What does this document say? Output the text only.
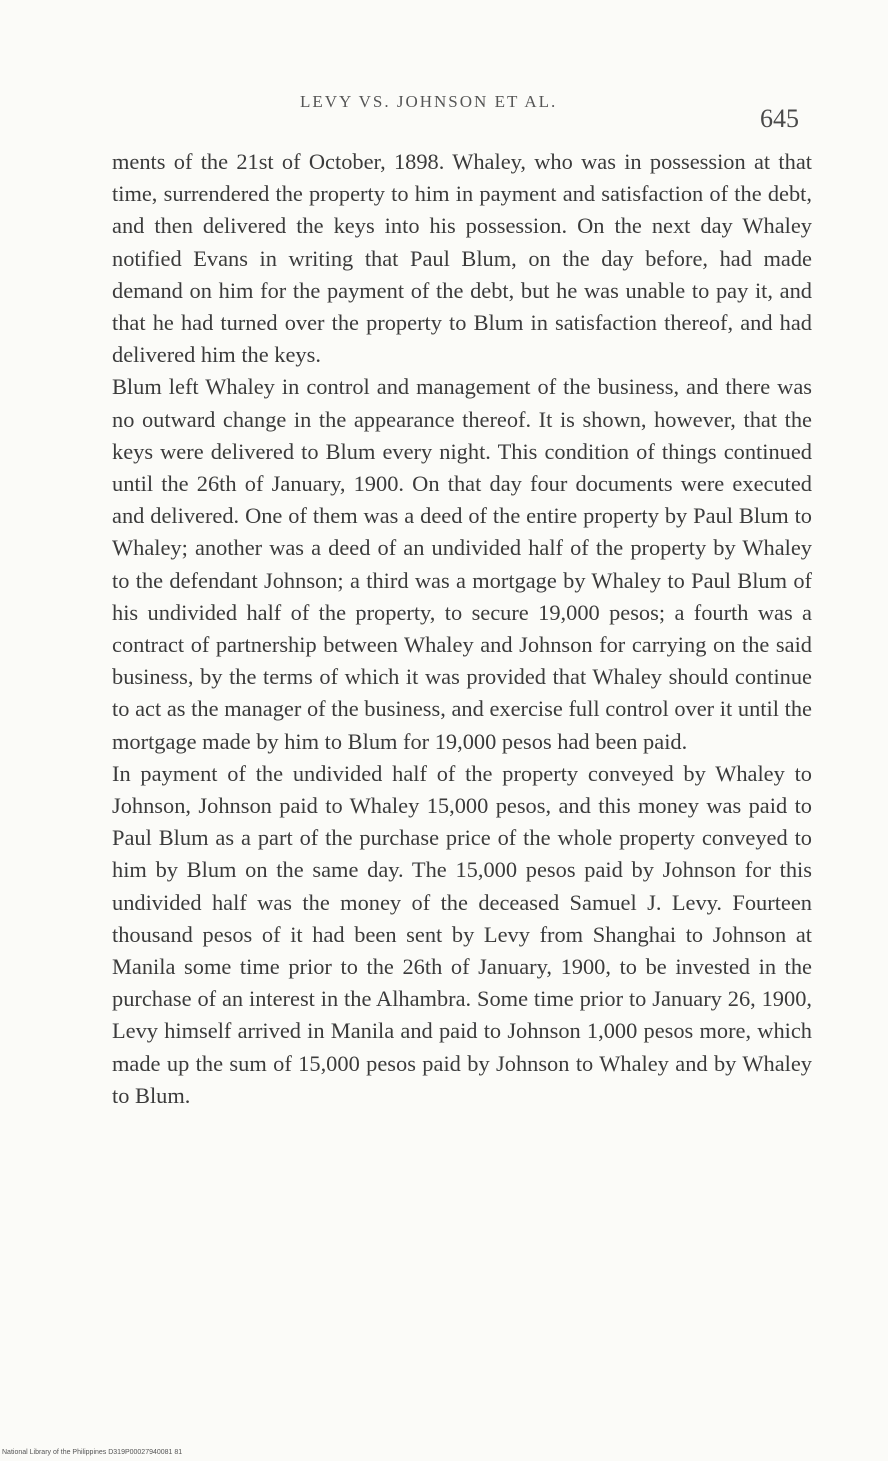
LEVY VS. JOHNSON ET AL.
645

ments of the 21st of October, 1898. Whaley, who was in possession at that time, surrendered the property to him in payment and satisfaction of the debt, and then delivered the keys into his possession. On the next day Whaley notified Evans in writing that Paul Blum, on the day before, had made demand on him for the payment of the debt, but he was unable to pay it, and that he had turned over the property to Blum in satisfaction thereof, and had delivered him the keys.

Blum left Whaley in control and management of the business, and there was no outward change in the appearance thereof. It is shown, however, that the keys were delivered to Blum every night. This condition of things continued until the 26th of January, 1900. On that day four documents were executed and delivered. One of them was a deed of the entire property by Paul Blum to Whaley; another was a deed of an undivided half of the property by Whaley to the defendant Johnson; a third was a mortgage by Whaley to Paul Blum of his undivided half of the property, to secure 19,000 pesos; a fourth was a contract of partnership between Whaley and Johnson for carrying on the said business, by the terms of which it was provided that Whaley should continue to act as the manager of the business, and exercise full control over it until the mortgage made by him to Blum for 19,000 pesos had been paid.

In payment of the undivided half of the property conveyed by Whaley to Johnson, Johnson paid to Whaley 15,000 pesos, and this money was paid to Paul Blum as a part of the purchase price of the whole property conveyed to him by Blum on the same day. The 15,000 pesos paid by Johnson for this undivided half was the money of the deceased Samuel J. Levy. Fourteen thousand pesos of it had been sent by Levy from Shanghai to Johnson at Manila some time prior to the 26th of January, 1900, to be invested in the purchase of an interest in the Alhambra. Some time prior to January 26, 1900, Levy himself arrived in Manila and paid to Johnson 1,000 pesos more, which made up the sum of 15,000 pesos paid by Johnson to Whaley and by Whaley to Blum.

National Library of the Philippines D319P00027940081 81
